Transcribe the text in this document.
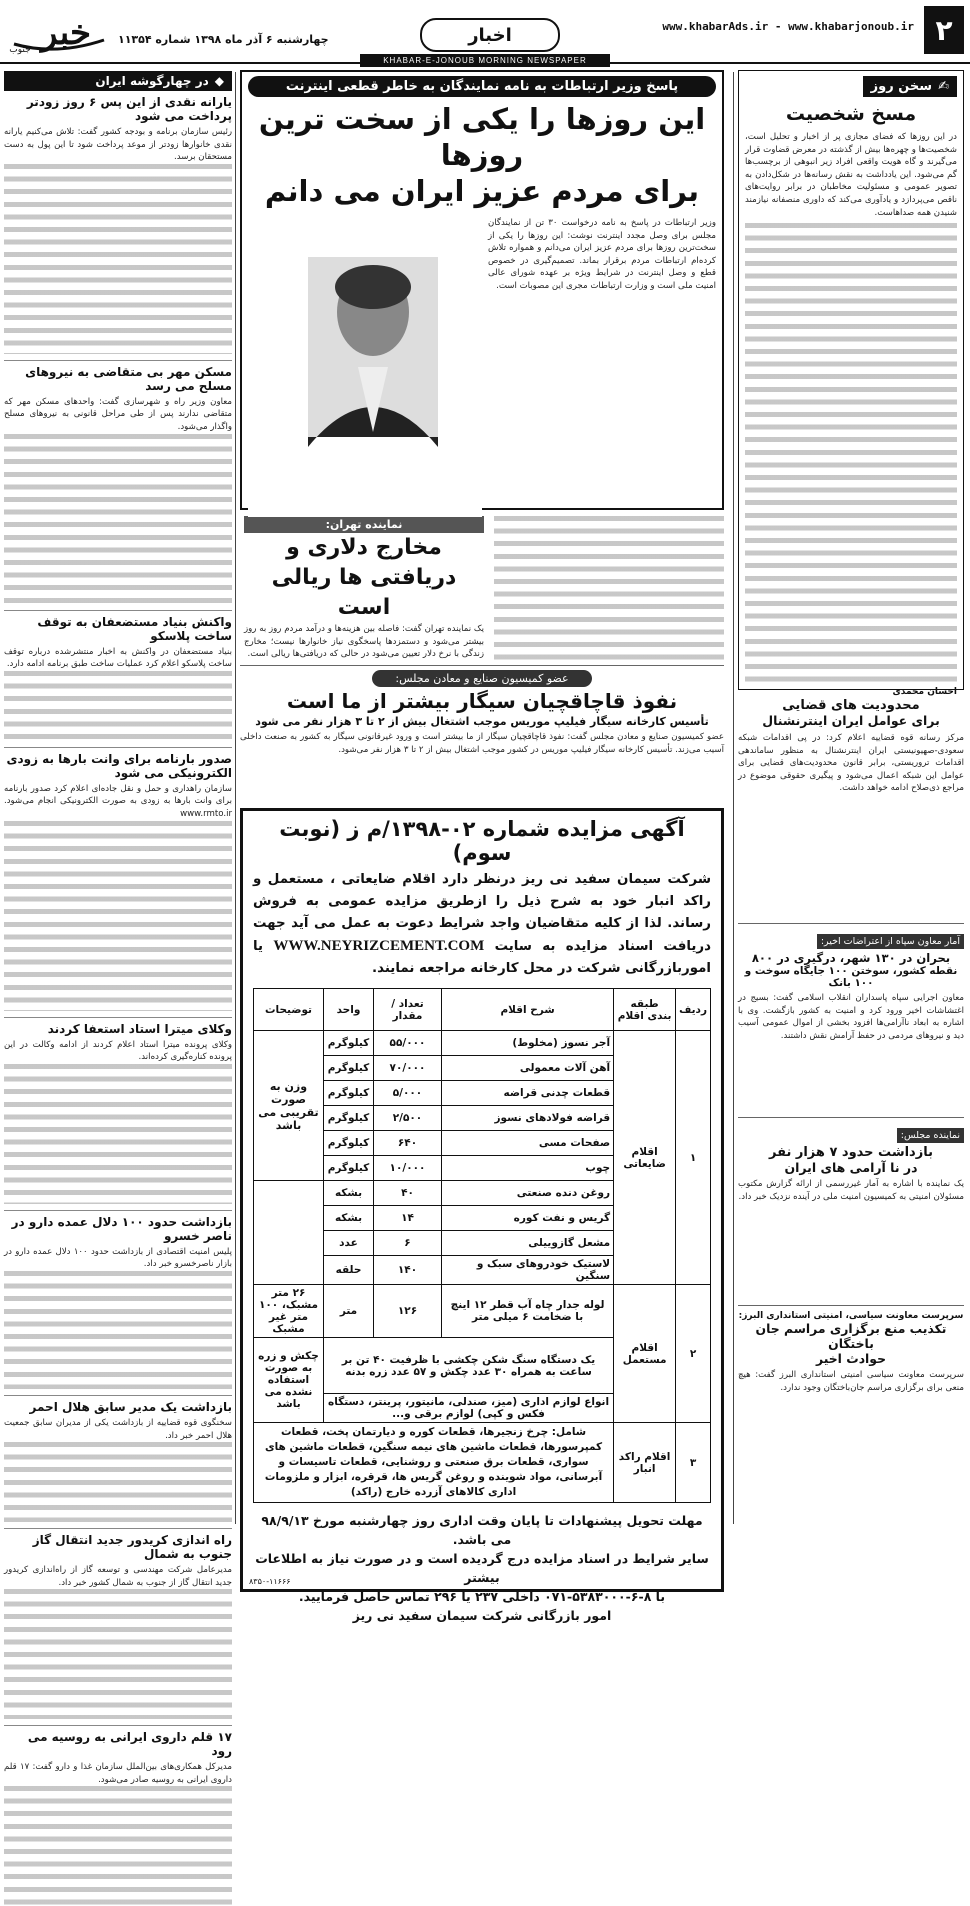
۲
www.khabarAds.ir - www.khabarjonoub.ir
اخبار
چهارشنبه ۶ آذر ماه ۱۳۹۸ شماره ۱۱۳۵۴
خبر
جنوب
KHABAR-E-JONOUB MORNING NEWSPAPER
✍
سخن روز
مسخ شخصیت
در این روزها که فضای مجازی پر از اخبار و تحلیل است، شخصیت‌ها و چهره‌ها بیش از گذشته در معرض قضاوت قرار می‌گیرند و گاه هویت واقعی افراد زیر انبوهی از برچسب‌ها گم می‌شود. این یادداشت به نقش رسانه‌ها در شکل‌دادن به تصویر عمومی و مسئولیت مخاطبان در برابر روایت‌های ناقص می‌پردازد و یادآوری می‌کند که داوری منصفانه نیازمند شنیدن همه صداهاست.
احسان محمدی
محدودیت های قضایی
برای عوامل ایران اینترنشنال
مرکز رسانه قوه قضاییه اعلام کرد: در پی اقدامات شبکه سعودی-صهیونیستی ایران اینترنشنال به منظور ساماندهی اقدامات تروریستی، برابر قانون محدودیت‌های قضایی برای عوامل این شبکه اعمال می‌شود و پیگیری حقوقی موضوع در مراجع ذی‌صلاح ادامه خواهد داشت.
آمار معاون سپاه از اعتراضات اخیر:
بحران در ۱۳۰ شهر، درگیری در ۸۰۰
نقطه کشور، سوختن ۱۰۰ جایگاه سوخت و ۱۰۰ بانک
معاون اجرایی سپاه پاسداران انقلاب اسلامی گفت: بسیج در اغتشاشات اخیر ورود کرد و امنیت به کشور بازگشت. وی با اشاره به ابعاد ناآرامی‌ها افزود بخشی از اموال عمومی آسیب دید و نیروهای مردمی در حفظ آرامش نقش داشتند.
نماینده مجلس:
بازداشت حدود ۷ هزار نفر
در نا آرامی های ایران
یک نماینده با اشاره به آمار غیررسمی از ارائه گزارش مکتوب مسئولان امنیتی به کمیسیون امنیت ملی در آینده نزدیک خبر داد.
سرپرست معاونت سیاسی، امنیتی استانداری البرز:
تکذیب منع برگزاری مراسم جان باختگان
حوادث اخیر
سرپرست معاونت سیاسی امنیتی استانداری البرز گفت: هیچ منعی برای برگزاری مراسم جان‌باختگان وجود ندارد.
پاسخ وزیر ارتباطات به نامه نمایندگان به خاطر قطعی اینترنت
این روزها را یکی از سخت ترین روزها
برای مردم عزیز ایران می دانم
وزیر ارتباطات در پاسخ به نامه درخواست ۳۰ تن از نمایندگان مجلس برای وصل مجدد اینترنت نوشت: این روزها را یکی از سخت‌ترین روزها برای مردم عزیز ایران می‌دانم و همواره تلاش کرده‌ام ارتباطات مردم برقرار بماند. تصمیم‌گیری در خصوص قطع و وصل اینترنت در شرایط ویژه بر عهده شورای عالی امنیت ملی است و وزارت ارتباطات مجری این مصوبات است.
نماینده تهران:
مخارج دلاری و
دریافتی ها ریالی است
یک نماینده تهران گفت: فاصله بین هزینه‌ها و درآمد مردم روز به روز بیشتر می‌شود و دستمزدها پاسخگوی نیاز خانوارها نیست؛ مخارج زندگی با نرخ دلار تعیین می‌شود در حالی که دریافتی‌ها ریالی است.
عضو کمیسیون صنایع و معادن مجلس:
نفوذ قاچاقچیان سیگار بیشتر از ما است
تأسیس کارخانه سیگار فیلیپ موریس موجب اشتغال بیش از ۲ تا ۳ هزار نفر می شود
عضو کمیسیون صنایع و معادن مجلس گفت: نفوذ قاچاقچیان سیگار از ما بیشتر است و ورود غیرقانونی سیگار به کشور به صنعت داخلی آسیب می‌زند. تأسیس کارخانه سیگار فیلیپ موریس در کشور موجب اشتغال بیش از ۲ تا ۳ هزار نفر می‌شود.
آگهی مزایده شماره ۰۲-۱۳۹۸/م ز (نوبت سوم)
شرکت سیمان سفید نی ریز درنظر دارد اقلام ضایعاتی ، مستعمل و راکد انبار خود به شرح ذیل را ازطریق مزایده عمومی به فروش رساند. لذا از کلیه متقاضیان واجد شرایط دعوت به عمل می آید جهت دریافت اسناد مزایده به سایت WWW.NEYRIZCEMENT.COM یا اموربازرگانی شرکت در محل کارخانه مراجعه نمایند.
ردیف	طبقه بندی اقلام	شرح اقلام	تعداد / مقدار	واحد	توضیحات
۱	اقلام ضایعاتی	آجر نسوز (مخلوط)	۵۵/۰۰۰	کیلوگرم	وزن به صورت تقریبی می باشد
		آهن آلات معمولی	۷۰/۰۰۰	کیلوگرم	
		قطعات چدنی قراضه	۵/۰۰۰	کیلوگرم	
		قراضه فولادهای نسوز	۲/۵۰۰	کیلوگرم	
		صفحات مسی	۶۴۰	کیلوگرم	
		چوب	۱۰/۰۰۰	کیلوگرم	
		روغن دنده صنعتی	۴۰	بشکه	
		گریس و نفت کوره	۱۴	بشکه	
		مشعل گازوییلی	۶	عدد	
		لاستیک خودروهای سبک و سنگین	۱۴۰	حلقه	
۲	اقلام مستعمل	لوله جدار چاه آب قطر ۱۲ اینچ با ضخامت ۶ میلی متر	۱۲۶	متر	۲۶ متر مشبک، ۱۰۰ متر غیر مشبک
		یک دستگاه سنگ شکن چکشی با ظرفیت ۴۰ تن بر ساعت به همراه ۳۰ عدد چکش و ۵۷ عدد زره بدنه			چکش و زره به صورت استفاده نشده می باشد
		انواع لوازم اداری (میز، صندلی، مانیتور، پرینتر، دستگاه فکس و کپی) لوازم برقی و...			
۳	اقلام راکد انبار	شامل: چرخ زنجیرها، قطعات کوره و دیارتمان پخت، قطعات کمپرسورها، قطعات ماشین های نیمه سنگین، قطعات ماشین های سواری، قطعات برق صنعتی و روشنایی، قطعات تاسیسات و آبرسانی، مواد شوینده و روغن گریس ها، قرقره، ابزار و ملزومات اداری کالاهای آزرده خارج (راکد)			
مهلت تحویل پیشنهادات تا پایان وقت اداری روز چهارشنبه مورخ ۹۸/۹/۱۳ می باشد.
سایر شرایط در اسناد مزایده درج گردیده است و در صورت نیاز به اطلاعات بیشتر
با ۸-۶-۵۳۸۳۰۰۰-۰۷۱ داخلی ۲۳۷ یا ۲۹۶ تماس حاصل فرمایید.
امور بازرگانی شرکت سیمان سفید نی ریز
۸۳۵۰-۱۱۶۶۶
◆
در چهارگوشه ایران
یارانه نقدی از این پس ۶ روز زودتر پرداخت می شود
رئیس سازمان برنامه و بودجه کشور گفت: تلاش می‌کنیم یارانه نقدی خانوارها زودتر از موعد پرداخت شود تا این پول به دست مستحقان برسد.
مسکن مهر بی متقاضی به نیروهای مسلح می رسد
معاون وزیر راه و شهرسازی گفت: واحدهای مسکن مهر که متقاضی ندارند پس از طی مراحل قانونی به نیروهای مسلح واگذار می‌شود.
واکنش بنیاد مستضعفان به توقف ساخت پلاسکو
بنیاد مستضعفان در واکنش به اخبار منتشرشده درباره توقف ساخت پلاسکو اعلام کرد عملیات ساخت طبق برنامه ادامه دارد.
صدور بارنامه برای وانت بارها به زودی الکترونیکی می شود
سازمان راهداری و حمل و نقل جاده‌ای اعلام کرد صدور بارنامه برای وانت بارها به زودی به صورت الکترونیکی انجام می‌شود. www.rmto.ir
وکلای میترا استاد استعفا کردند
وکلای پرونده میترا استاد اعلام کردند از ادامه وکالت در این پرونده کناره‌گیری کرده‌اند.
بازداشت حدود ۱۰۰ دلال عمده دارو در ناصر خسرو
پلیس امنیت اقتصادی از بازداشت حدود ۱۰۰ دلال عمده دارو در بازار ناصرخسرو خبر داد.
بازداشت یک مدیر سابق هلال احمر
سخنگوی قوه قضاییه از بازداشت یکی از مدیران سابق جمعیت هلال احمر خبر داد.
راه اندازی کریدور جدید انتقال گاز جنوب به شمال
مدیرعامل شرکت مهندسی و توسعه گاز از راه‌اندازی کریدور جدید انتقال گاز از جنوب به شمال کشور خبر داد.
۱۷ قلم داروی ایرانی به روسیه می رود
مدیرکل همکاری‌های بین‌الملل سازمان غذا و دارو گفت: ۱۷ قلم داروی ایرانی به روسیه صادر می‌شود.
